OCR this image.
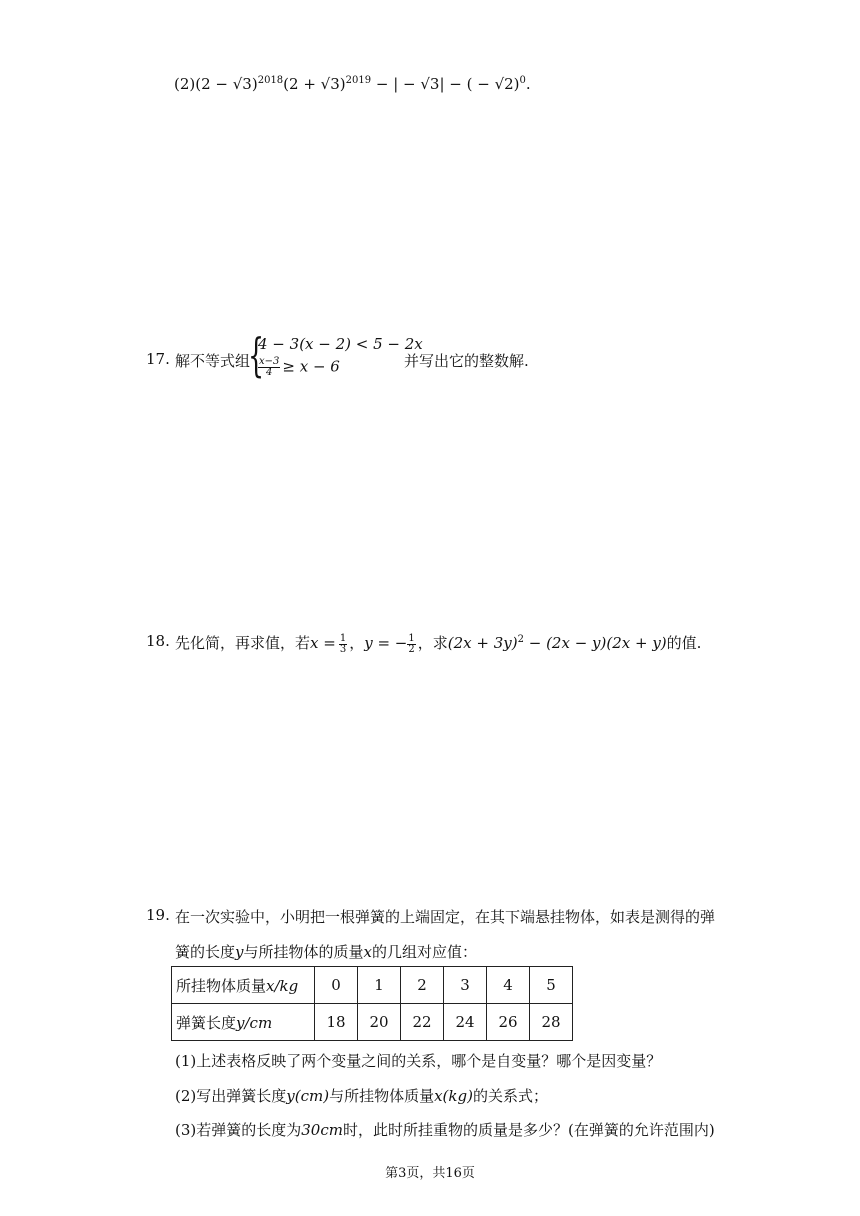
$(2)(2 - √3)^{2018}(2 + √3)^{2019}$ − | − √3| − ( − √2)$^0$.
17. 解不等式组
{
4 − 3(x − 2) < 5 − 2x
$\frac{x-3}{4} \ge x - 6$	并写出它的整数解.
18. 先化简，再求值，若$x = \frac{1}{3}$ ，y = − $\frac{1}{2}$ ，求$(2x + 3y)^2 - (2x - y)(2x + y)$的值.
19. 在一次实验中，小明把一根弹簧的上端固定，在其下端悬挂物体，如表是测得的弹
簧的长度y与所挂物体的质量x的几组对应值：
所挂物体质量x/kg	0	1	2	3	4	5
弹簧长度y/cm	18	20	22	24	26	28
(1)上述表格反映了两个变量之间的关系，哪个是自变量？哪个是因变量？
(2)写出弹簧长度y(cm)与所挂物体质量x(kg)的关系式；
(3)若弹簧的长度为30cm时，此时所挂重物的质量是多少？(在弹簧的允许范围内)
第3页，共16页
